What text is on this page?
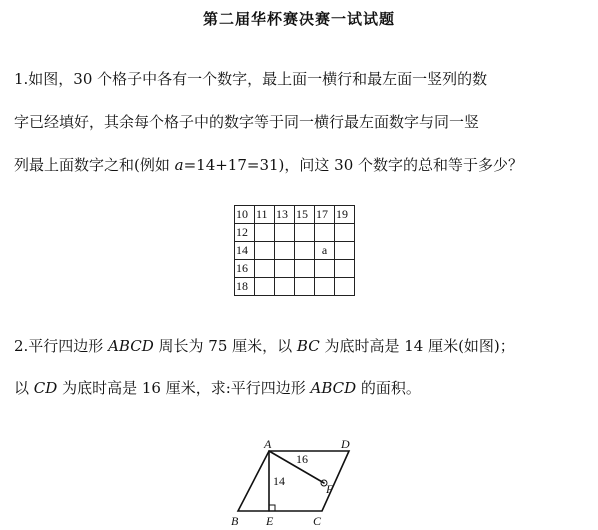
第二届华杯赛决赛一试试题
1.如图，30 个格子中各有一个数字，最上面一横行和最左面一竖列的数
字已经填好，其余每个格子中的数字等于同一横行最左面数字与同一竖
列最上面数字之和(例如 a=14+17=31)，问这 30 个数字的总和等于多少？
10	11	13	15	17	19
12					
14				a	
16					
18					
2.平行四边形 ABCD 周长为 75 厘米，以 BC 为底时高是 14 厘米(如图)；
以 CD 为底时高是 16 厘米，求:平行四边形 ABCD 的面积。
A	D
B E	C
F
14
16
